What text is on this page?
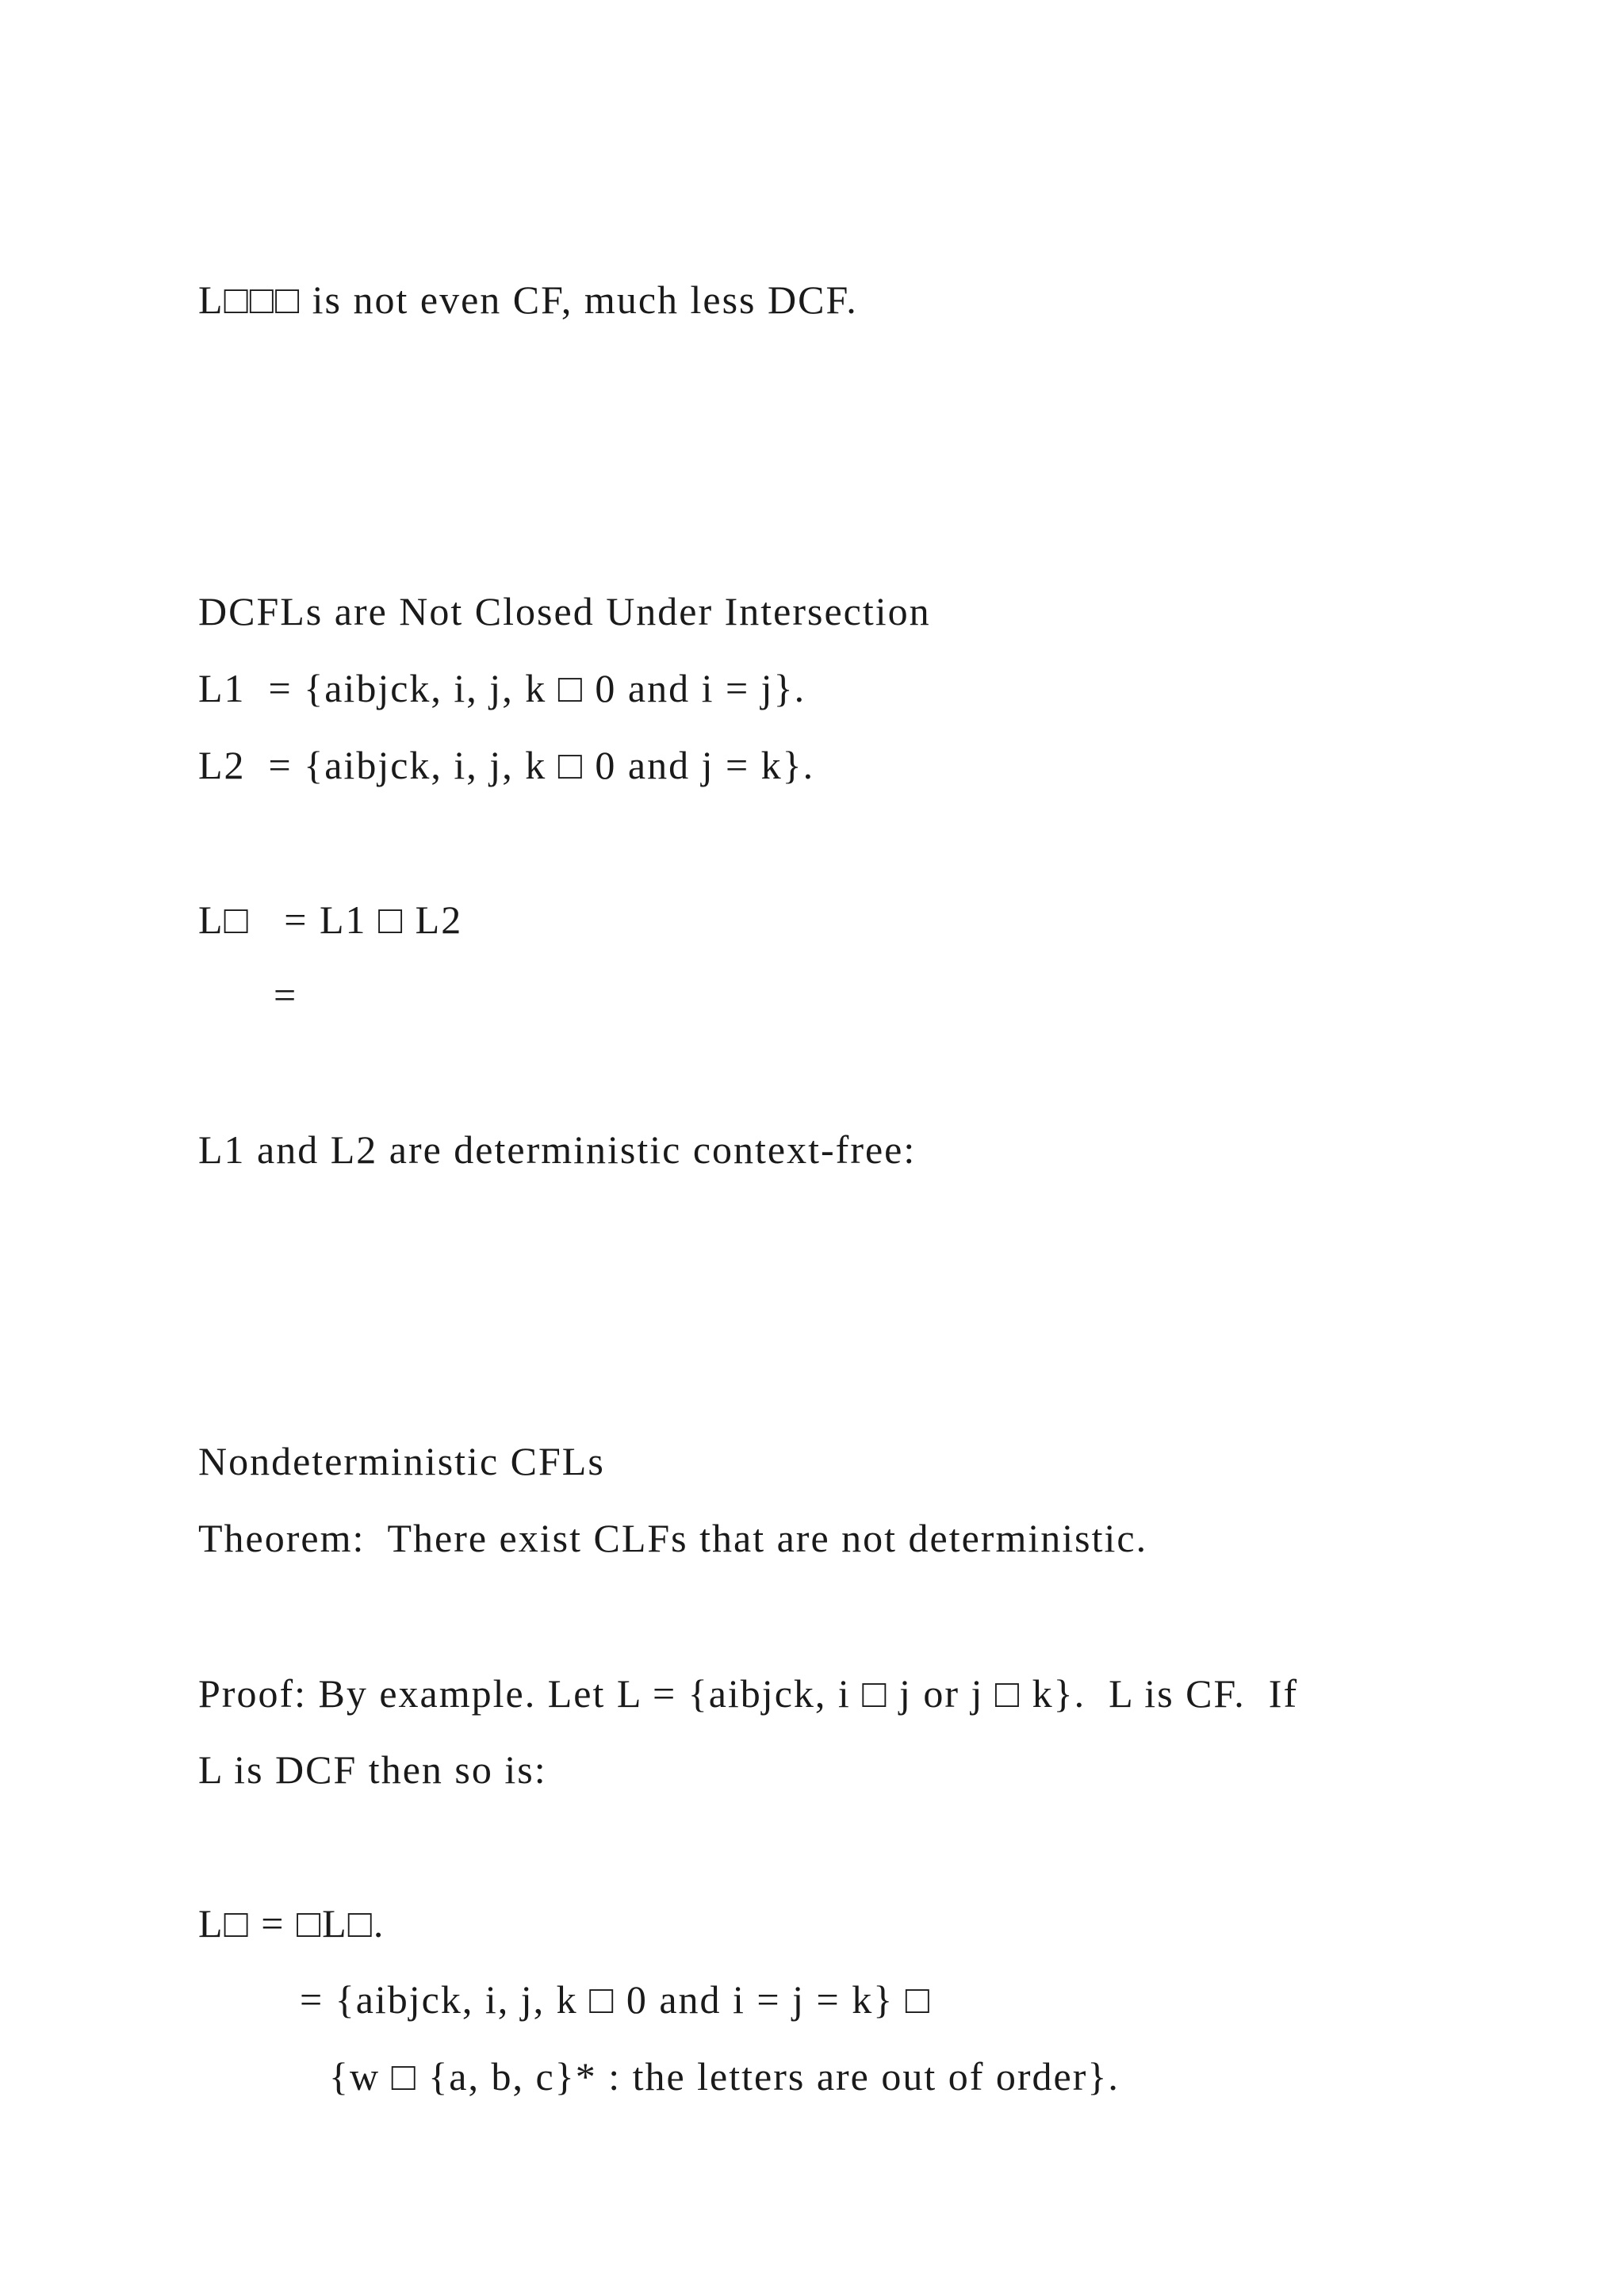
L□□□ is not even CF, much less DCF.
DCFLs are Not Closed Under Intersection
L1  = {aibjck, i, j, k □ 0 and i = j}.
L2  = {aibjck, i, j, k □ 0 and j = k}.
L□   = L1 □ L2
=
L1 and L2 are deterministic context-free:
Nondeterministic CFLs
Theorem:  There exist CLFs that are not deterministic.
Proof: By example. Let L = {aibjck, i □ j or j □ k}.  L is CF.  If
L is DCF then so is:
L□ = □L□.
= {aibjck, i, j, k □ 0 and i = j = k} □
{w □ {a, b, c}* : the letters are out of order}.
